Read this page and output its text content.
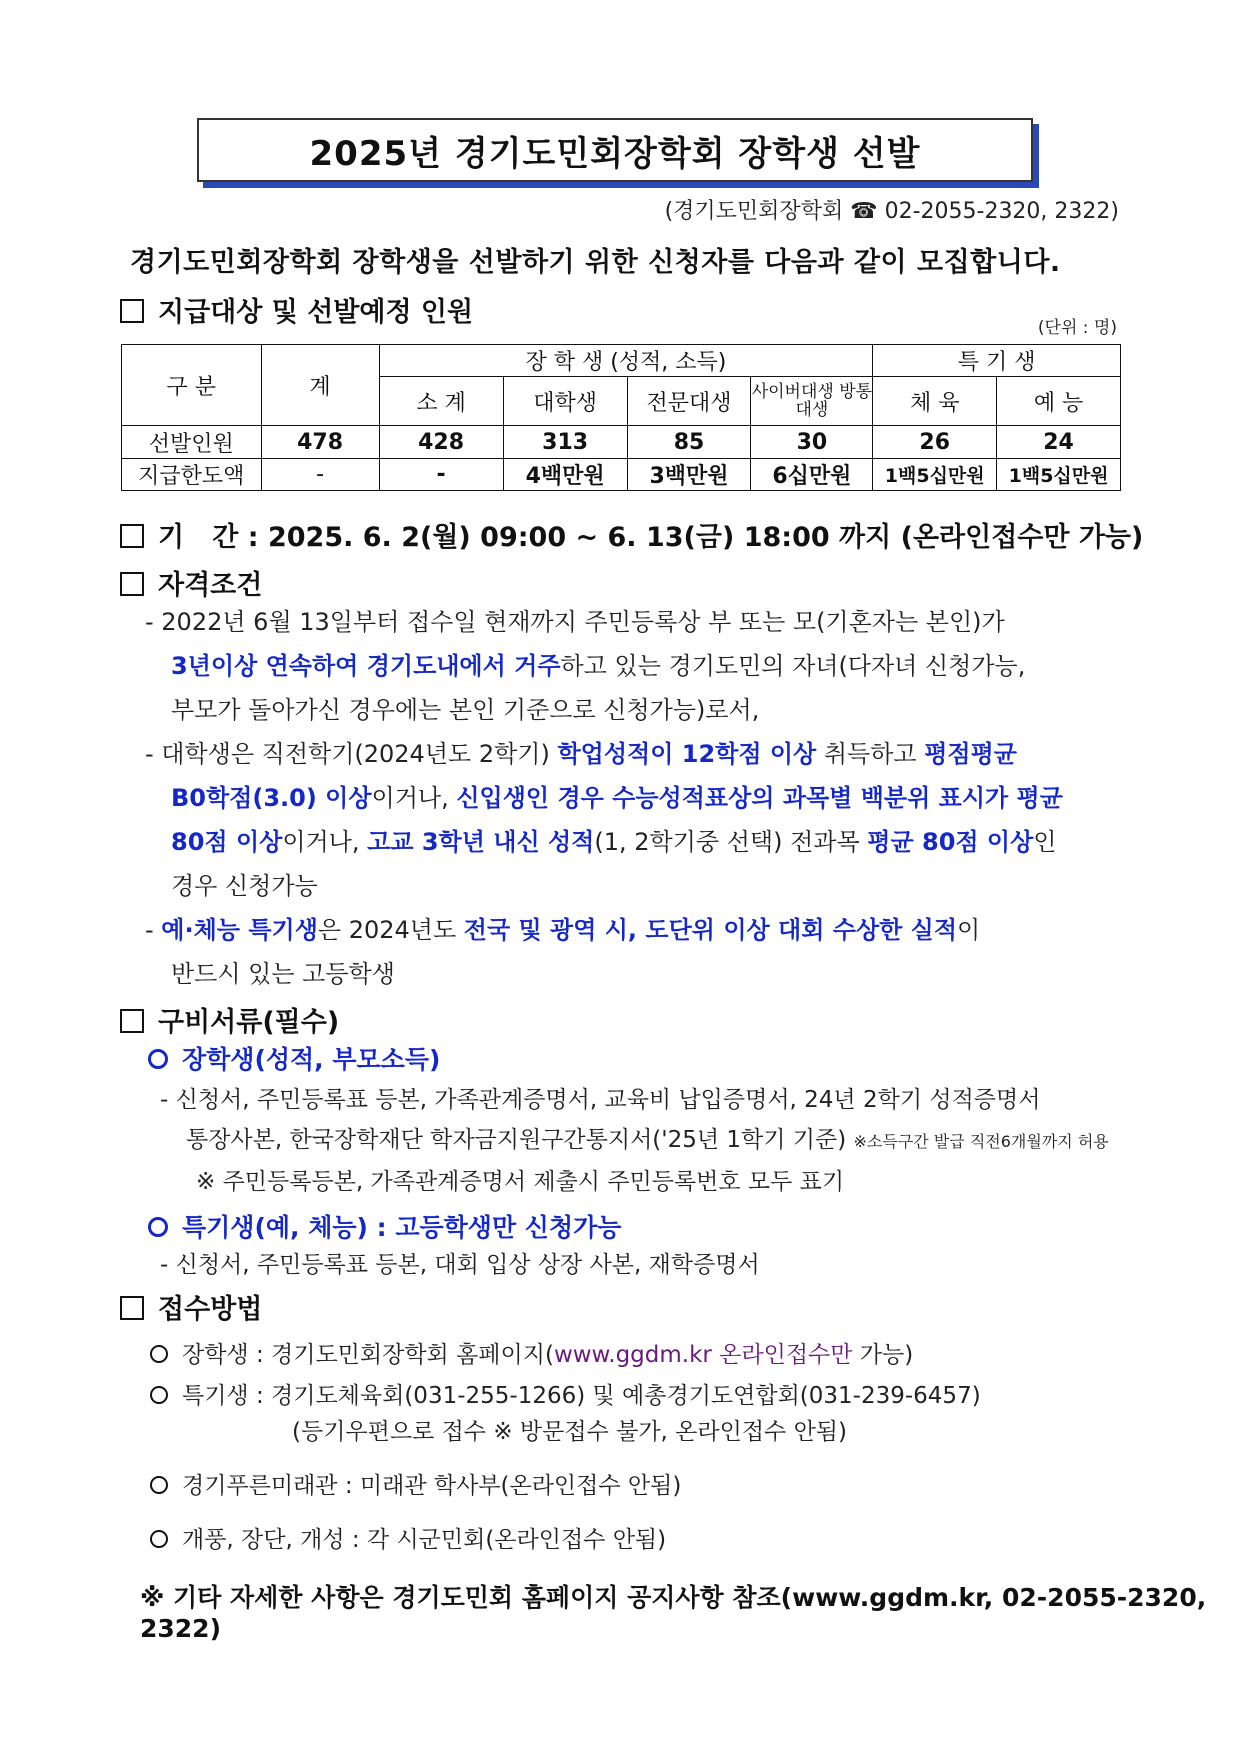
2025년 경기도민회장학회 장학생 선발
(경기도민회장학회 ☎ 02-2055-2320, 2322)
경기도민회장학회 장학생을 선발하기 위한 신청자를 다음과 같이 모집합니다.
지급대상 및 선발예정 인원	(단위 : 명)
구 분	계	장 학 생 (성적, 소득)				특 기 생	
		소 계	대학생	전문대생	사이버대생 방통대생	체 육	예 능
선발인원	478	428	313	85	30	26	24
지급한도액	-	-	4백만원	3백만원	6십만원	1백5십만원	1백5십만원
기   간 : 2025. 6. 2(월) 09:00 ~ 6. 13(금) 18:00 까지 (온라인접수만 가능)
자격조건
- 2022년 6월 13일부터 접수일 현재까지 주민등록상 부 또는 모(기혼자는 본인)가
3년이상 연속하여 경기도내에서 거주하고 있는 경기도민의 자녀(다자녀 신청가능,
부모가 돌아가신 경우에는 본인 기준으로 신청가능)로서,
- 대학생은 직전학기(2024년도 2학기) 학업성적이 12학점 이상 취득하고 평점평균
B0학점(3.0) 이상이거나, 신입생인 경우 수능성적표상의 과목별 백분위 표시가 평균
80점 이상이거나, 고교 3학년 내신 성적(1, 2학기중 선택) 전과목 평균 80점 이상인
경우 신청가능
- 예·체능 특기생은 2024년도 전국 및 광역 시, 도단위 이상 대회 수상한 실적이
반드시 있는 고등학생
구비서류(필수)
장학생(성적, 부모소득)
- 신청서, 주민등록표 등본, 가족관계증명서, 교육비 납입증명서, 24년 2학기 성적증명서
통장사본, 한국장학재단 학자금지원구간통지서('25년 1학기 기준) ※소득구간 발급 직전6개월까지 허용
※ 주민등록등본, 가족관계증명서 제출시 주민등록번호 모두 표기
특기생(예, 체능) : 고등학생만 신청가능
- 신청서, 주민등록표 등본, 대회 입상 상장 사본, 재학증명서
접수방법
장학생 : 경기도민회장학회 홈페이지(www.ggdm.kr 온라인접수만 가능)
특기생 : 경기도체육회(031-255-1266) 및 예총경기도연합회(031-239-6457)
(등기우편으로 접수 ※ 방문접수 불가, 온라인접수 안됨)
경기푸른미래관 : 미래관 학사부(온라인접수 안됨)
개풍, 장단, 개성 : 각 시군민회(온라인접수 안됨)
※ 기타 자세한 사항은 경기도민회 홈페이지 공지사항 참조(www.ggdm.kr, 02-2055-2320, 2322)
